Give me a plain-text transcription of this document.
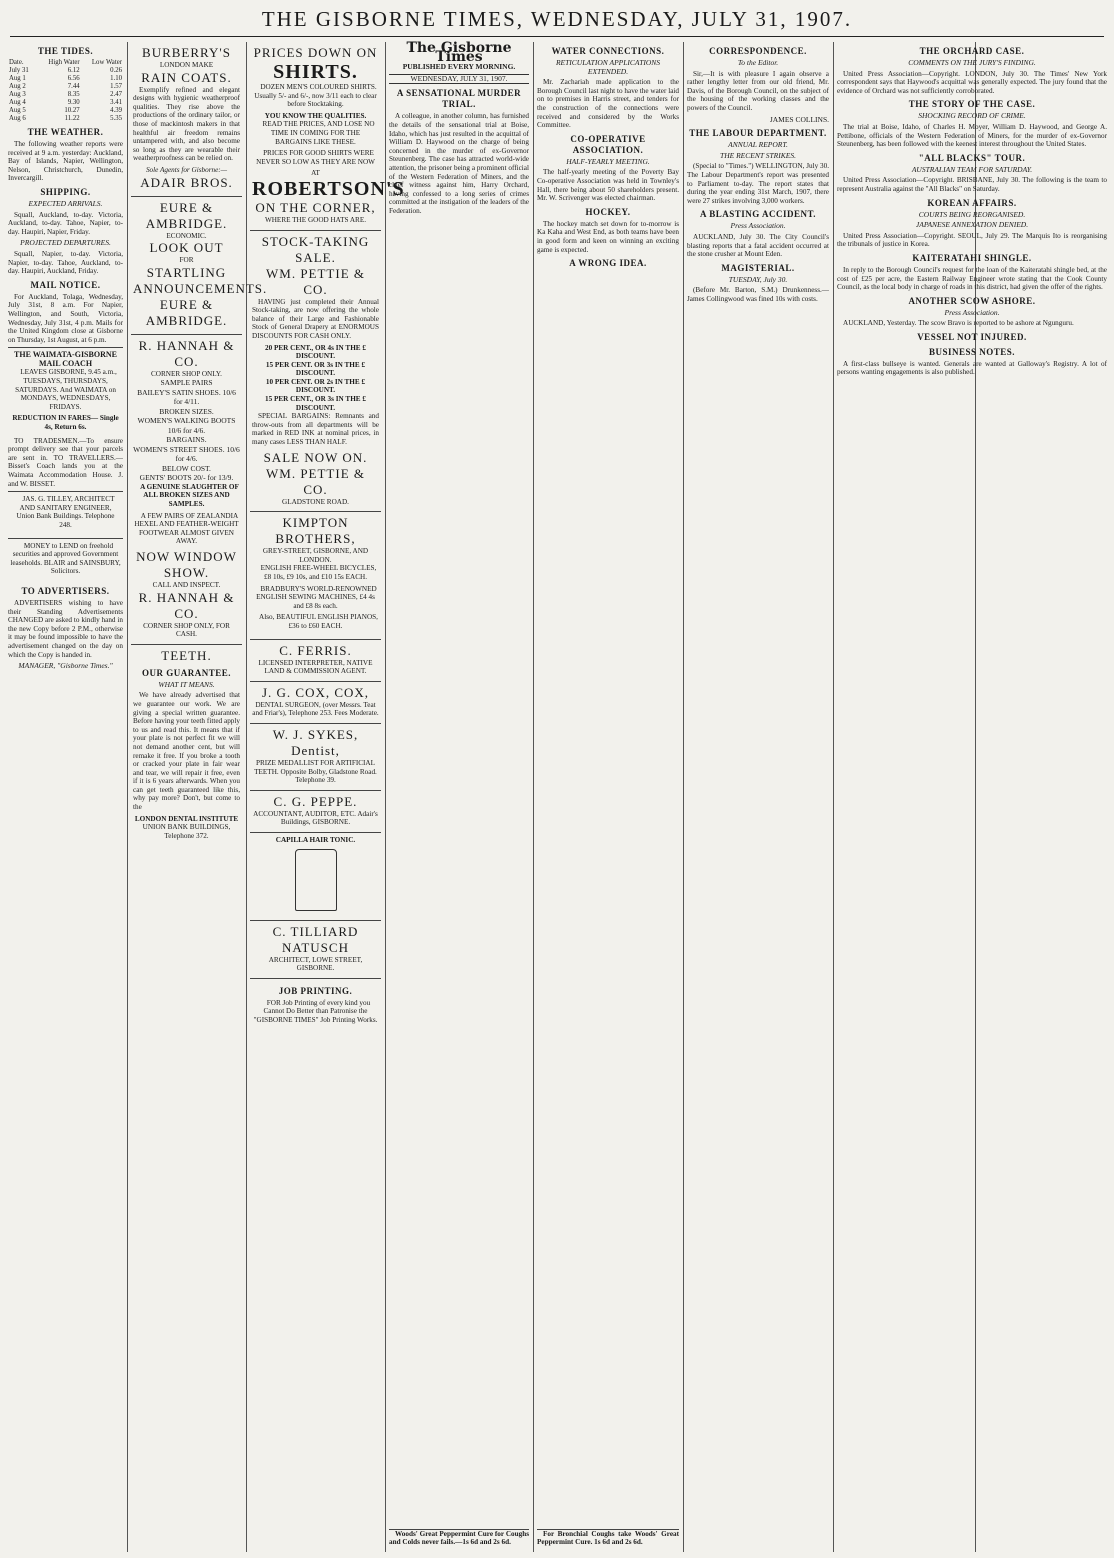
THE GISBORNE TIMES, WEDNESDAY, JULY 31, 1907.
THE TIDES.
Date.	High Water	Low Water
July 31	6.12	0.26
Aug 1	6.56	1.10
Aug 2	7.44	1.57
Aug 3	8.35	2.47
Aug 4	9.30	3.41
Aug 5	10.27	4.39
Aug 6	11.22	5.35
THE WEATHER.

The following weather reports were received at 9 a.m. yesterday: Auckland, Bay of Islands, Napier, Wellington, Nelson, Christchurch, Dunedin, Invercargill.

SHIPPING.
EXPECTED ARRIVALS.

Squall, Auckland, to-day. Victoria, Auckland, to-day. Tahoe, Napier, to-day. Haupiri, Napier, Friday.

PROJECTED DEPARTURES.

Squall, Napier, to-day. Victoria, Napier, to-day. Tahoe, Auckland, to-day. Haupiri, Auckland, Friday.

MAIL NOTICE.

For Auckland, Tolaga, Wednesday, July 31st, 8 a.m. For Napier, Wellington, and South, Victoria, Wednesday, July 31st, 4 p.m. Mails for the United Kingdom close at Gisborne on Thursday, 1st August, at 6 p.m.

THE WAIMATA-GISBORNE MAIL COACH

LEAVES GISBORNE, 9.45 a.m., TUESDAYS, THURSDAYS, SATURDAYS. And WAIMATA on MONDAYS, WEDNESDAYS, FRIDAYS.

REDUCTION IN FARES— Single 4s, Return 6s.

TO TRADESMEN.—To ensure prompt delivery see that your parcels are sent in. TO TRAVELLERS.—Bisset's Coach lands you at the Waimata Accommodation House. J. and W. BISSET.

JAS. G. TILLEY, ARCHITECT AND SANITARY ENGINEER, Union Bank Buildings. Telephone 248.

MONEY to LEND on freehold securities and approved Government leaseholds. BLAIR and SAINSBURY, Solicitors.

TO ADVERTISERS.

ADVERTISERS wishing to have their Standing Advertisements CHANGED are asked to kindly hand in the new Copy before 2 P.M., otherwise it may be found impossible to have the advertisement changed on the day on which the Copy is handed in.

MANAGER, "Gisborne Times."
BURBERRY'S
LONDON MAKE
RAIN COATS.

Exemplify refined and elegant designs with hygienic weatherproof qualities. They rise above the productions of the ordinary tailor, or those of mackintosh makers in that healthful air freedom remains untampered with, and also become so long as they are wearable their weatherproofness can be relied on.

Sole Agents for Gisborne:—
ADAIR BROS.
EURE & AMBRIDGE.
ECONOMIC.
LOOK OUT
FOR
STARTLING
ANNOUNCEMENTS.
EURE & AMBRIDGE.
R. HANNAH & CO.
CORNER SHOP ONLY.
SAMPLE PAIRS
BAILEY'S SATIN SHOES. 10/6 for 4/11.
BROKEN SIZES.
WOMEN'S WALKING BOOTS 10/6 for 4/6.
BARGAINS.
WOMEN'S STREET SHOES. 10/6 for 4/6.
BELOW COST.
GENTS' BOOTS 20/- for 13/9.

A GENUINE SLAUGHTER OF ALL BROKEN SIZES AND SAMPLES.

A FEW PAIRS OF ZEALANDIA HEXEL AND FEATHER-WEIGHT FOOTWEAR ALMOST GIVEN AWAY.

NOW WINDOW SHOW.
CALL AND INSPECT.
R. HANNAH & CO.
CORNER SHOP ONLY, FOR CASH.
TEETH.
OUR GUARANTEE.
WHAT IT MEANS.

We have already advertised that we guarantee our work. We are giving a special written guarantee. Before having your teeth fitted apply to us and read this. It means that if your plate is not perfect fit we will not demand another cent, but will remake it free. If you broke a tooth or cracked your plate in fair wear and tear, we will repair it free, even if it is 6 years afterwards. When you can get teeth guaranteed like this, why pay more? Don't, but come to the

LONDON DENTAL INSTITUTE
UNION BANK BUILDINGS, Telephone 372.
PRICES DOWN ON
SHIRTS.

DOZEN MEN'S COLOURED SHIRTS. Usually 5/- and 6/-, now 3/11 each to clear before Stocktaking.

YOU KNOW THE QUALITIES.

READ THE PRICES, AND LOSE NO TIME IN COMING FOR THE BARGAINS LIKE THESE.

PRICES FOR GOOD SHIRTS WERE NEVER SO LOW AS THEY ARE NOW

AT
ROBERTSON'S
ON THE CORNER,
WHERE THE GOOD HATS ARE.
STOCK-TAKING SALE.
WM. PETTIE & CO.

HAVING just completed their Annual Stock-taking, are now offering the whole balance of their Large and Fashionable Stock of General Drapery at ENORMOUS DISCOUNTS FOR CASH ONLY.

20 PER CENT., OR 4s IN THE £ DISCOUNT.
15 PER CENT. OR 3s IN THE £ DISCOUNT.
10 PER CENT. OR 2s IN THE £ DISCOUNT.
15 PER CENT., OR 3s IN THE £ DISCOUNT.

SPECIAL BARGAINS: Remnants and throw-outs from all departments will be marked in RED INK at nominal prices, in many cases LESS THAN HALF.

SALE NOW ON.
WM. PETTIE & CO.
GLADSTONE ROAD.
KIMPTON BROTHERS,
GREY-STREET, GISBORNE, AND LONDON.

ENGLISH FREE-WHEEL BICYCLES, £8 10s, £9 10s, and £10 15s EACH.

BRADBURY'S WORLD-RENOWNED ENGLISH SEWING MACHINES, £4 4s and £8 8s each.

Also, BEAUTIFUL ENGLISH PIANOS, £36 to £60 EACH.

C. FERRIS.
LICENSED INTERPRETER, NATIVE LAND & COMMISSION AGENT.
J. G. COX, COX,
DENTAL SURGEON, (over Messrs. Teat and Friar's), Telephone 253. Fees Moderate.
W. J. SYKES, Dentist,
PRIZE MEDALLIST FOR ARTIFICIAL TEETH. Opposite Bolby, Gladstone Road. Telephone 39.
C. G. PEPPE.
ACCOUNTANT, AUDITOR, ETC. Adair's Buildings, GISBORNE.
CAPILLA HAIR TONIC.
C. TILLIARD NATUSCH
ARCHITECT, LOWE STREET, GISBORNE.
JOB PRINTING.

FOR Job Printing of every kind you Cannot Do Better than Patronise the "GISBORNE TIMES" Job Printing Works.

The Gisborne Times
PUBLISHED EVERY MORNING.
WEDNESDAY, JULY 31, 1907.
A SENSATIONAL MURDER TRIAL.

A colleague, in another column, has furnished the details of the sensational trial at Boise, Idaho, which has just resulted in the acquittal of William D. Haywood on the charge of being concerned in the murder of ex-Governor Steunenberg. The case has attracted world-wide attention, the prisoner being a prominent official of the Western Federation of Miners, and the chief witness against him, Harry Orchard, having confessed to a long series of crimes committed at the instigation of the leaders of the Federation.

Woods' Great Peppermint Cure for Coughs and Colds never fails.—1s 6d and 2s 6d.

WATER CONNECTIONS.
RETICULATION APPLICATIONS EXTENDED.

Mr. Zachariah made application to the Borough Council last night to have the water laid on to premises in Harris street, and tenders for the construction of the connections were received and considered by the Works Committee.

CO-OPERATIVE ASSOCIATION.
HALF-YEARLY MEETING.

The half-yearly meeting of the Poverty Bay Co-operative Association was held in Townley's Hall, there being about 50 shareholders present. Mr. W. Scrivenger was elected chairman.

HOCKEY.

The hockey match set down for to-morrow is Ka Kaha and West End, as both teams have been in good form and keen on winning an exciting game is expected.

A WRONG IDEA.

For Bronchial Coughs take Woods' Great Peppermint Cure. 1s 6d and 2s 6d.

CORRESPONDENCE.
To the Editor.

Sir,—It is with pleasure I again observe a rather lengthy letter from our old friend, Mr. Davis, of the Borough Council, on the subject of the housing of the working classes and the powers of the Council.

JAMES COLLINS.
THE LABOUR DEPARTMENT.
ANNUAL REPORT.
THE RECENT STRIKES.

(Special to "Times.") WELLINGTON, July 30. The Labour Department's report was presented to Parliament to-day. The report states that during the year ending 31st March, 1907, there were 27 strikes involving 3,000 workers.

A BLASTING ACCIDENT.
Press Association.

AUCKLAND, July 30. The City Council's blasting reports that a fatal accident occurred at the stone crusher at Mount Eden.

MAGISTERIAL.
TUESDAY, July 30.

(Before Mr. Barton, S.M.) Drunkenness.—James Collingwood was fined 10s with costs.

THE ORCHARD CASE.
COMMENTS ON THE JURY'S FINDING.

United Press Association—Copyright. LONDON, July 30. The Times' New York correspondent says that Haywood's acquittal was generally expected. The jury found that the evidence of Orchard was not sufficiently corroborated.

THE STORY OF THE CASE.
SHOCKING RECORD OF CRIME.

The trial at Boise, Idaho, of Charles H. Moyer, William D. Haywood, and George A. Pettibone, officials of the Western Federation of Miners, for the murder of ex-Governor Steunenberg, has been followed with the keenest interest throughout the United States.

"ALL BLACKS" TOUR.
AUSTRALIAN TEAM FOR SATURDAY.

United Press Association—Copyright. BRISBANE, July 30. The following is the team to represent Australia against the "All Blacks" on Saturday.

KOREAN AFFAIRS.
COURTS BEING REORGANISED.
JAPANESE ANNEXATION DENIED.

United Press Association—Copyright. SEOUL, July 29. The Marquis Ito is reorganising the tribunals of justice in Korea.

KAITERATAHI SHINGLE.

In reply to the Borough Council's request for the loan of the Kaiteratahi shingle bed, at the cost of £25 per acre, the Eastern Railway Engineer wrote stating that the Cook County Council, as the local body in charge of roads in this district, had given the offer of the rights.

ANOTHER SCOW ASHORE.
Press Association.

AUCKLAND, Yesterday. The scow Bravo is reported to be ashore at Ngunguru.

VESSEL NOT INJURED.
BUSINESS NOTES.

A first-class bullseye is wanted. Generals are wanted at Galloway's Registry. A lot of persons wanting engagements is also published.
